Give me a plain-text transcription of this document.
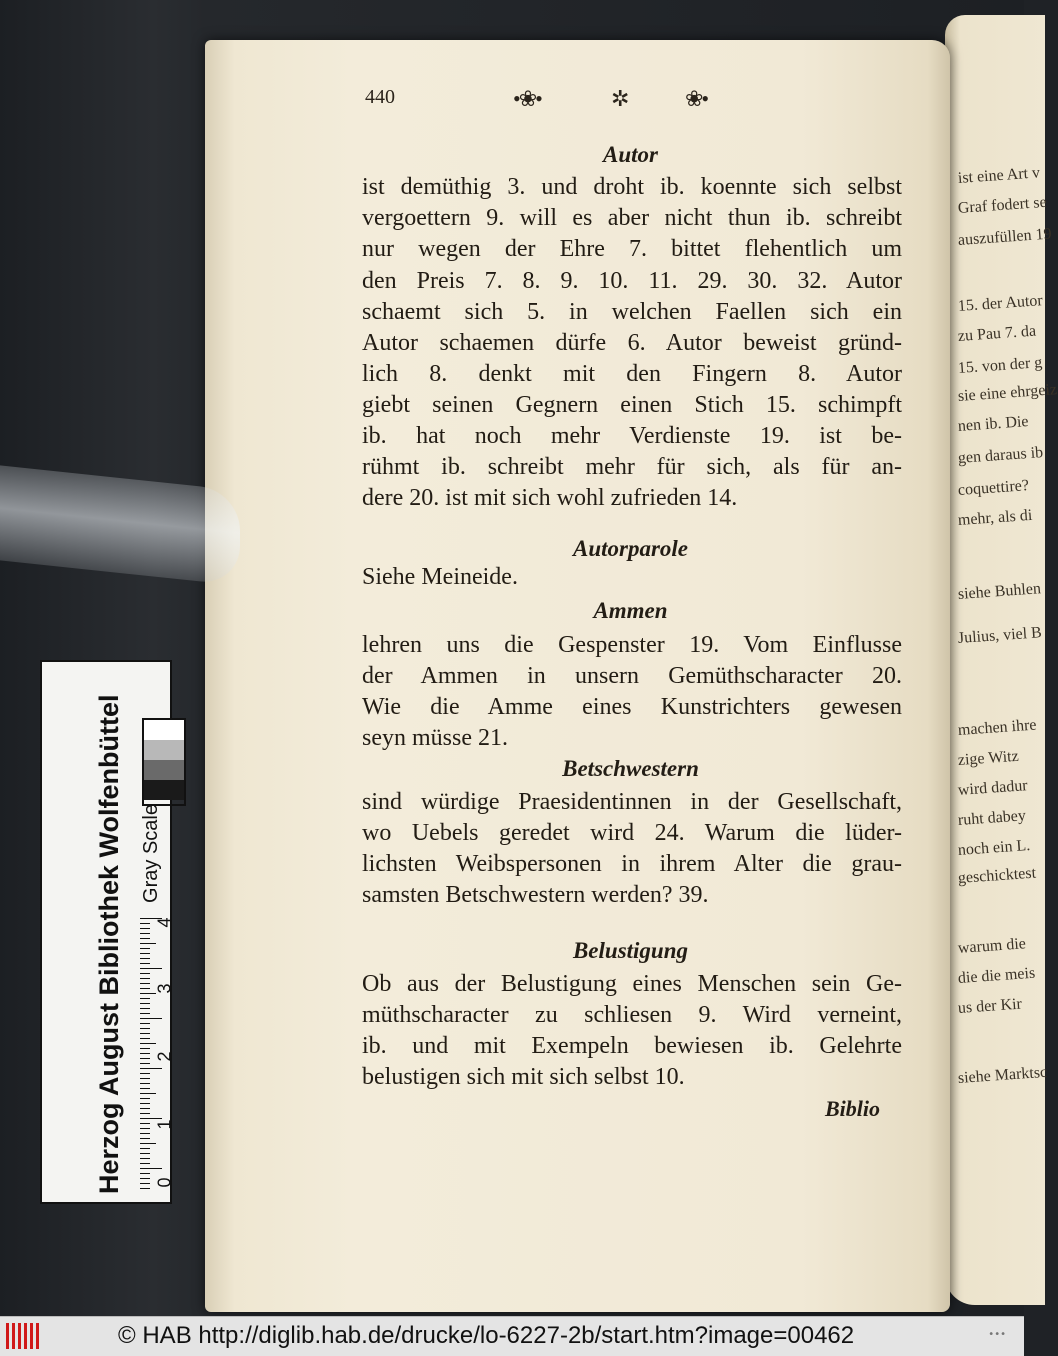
ist eine Art v
Graf fodert se
auszufüllen 19
15. der Autor
zu Pau 7. da
15. von der g
sie eine ehrgeiz
nen ib. Die
gen daraus ib
coquettire?
mehr, als di
siehe Buhlen
Julius, viel B
machen ihre
zige Witz
wird dadur
ruht dabey
noch ein L.
geschicktest
warum die
die die meis
us der Kir
siehe Marktsc
440	•❀•	✲	❀•
Autor
ist demüthig 3. und droht ib. koennte sich selbst
vergoettern 9. will es aber nicht thun ib. schreibt
nur wegen der Ehre 7. bittet flehentlich um
den Preis 7. 8. 9. 10. 11. 29. 30. 32. Autor
schaemt sich 5. in welchen Faellen sich ein
Autor schaemen dürfe 6. Autor beweist gründ-
lich 8. denkt mit den Fingern 8. Autor
giebt seinen Gegnern einen Stich 15. schimpft
ib. hat noch mehr Verdienste 19. ist be-
rühmt ib. schreibt mehr für sich, als für an-
dere 20. ist mit sich wohl zufrieden 14.
Autorparole
Siehe Meineide.
Ammen
lehren uns die Gespenster 19. Vom Einflusse
der Ammen in unsern Gemüthscharacter 20.
Wie die Amme eines Kunstrichters gewesen
seyn müsse 21.
Betschwestern
sind würdige Praesidentinnen in der Gesellschaft,
wo Uebels geredet wird 24. Warum die lüder-
lichsten Weibspersonen in ihrem Alter die grau-
samsten Betschwestern werden? 39.
Belustigung
Ob aus der Belustigung eines Menschen sein Ge-
müthscharacter zu schliesen 9. Wird verneint,
ib. und mit Exempeln bewiesen ib. Gelehrte
belustigen sich mit sich selbst 10.
Biblio
Herzog August Bibliothek Wolfenbüttel Gray Scale
4
3
2
1
0
© HAB http://diglib.hab.de/drucke/lo-6227-2b/start.htm?image=00462	•••
